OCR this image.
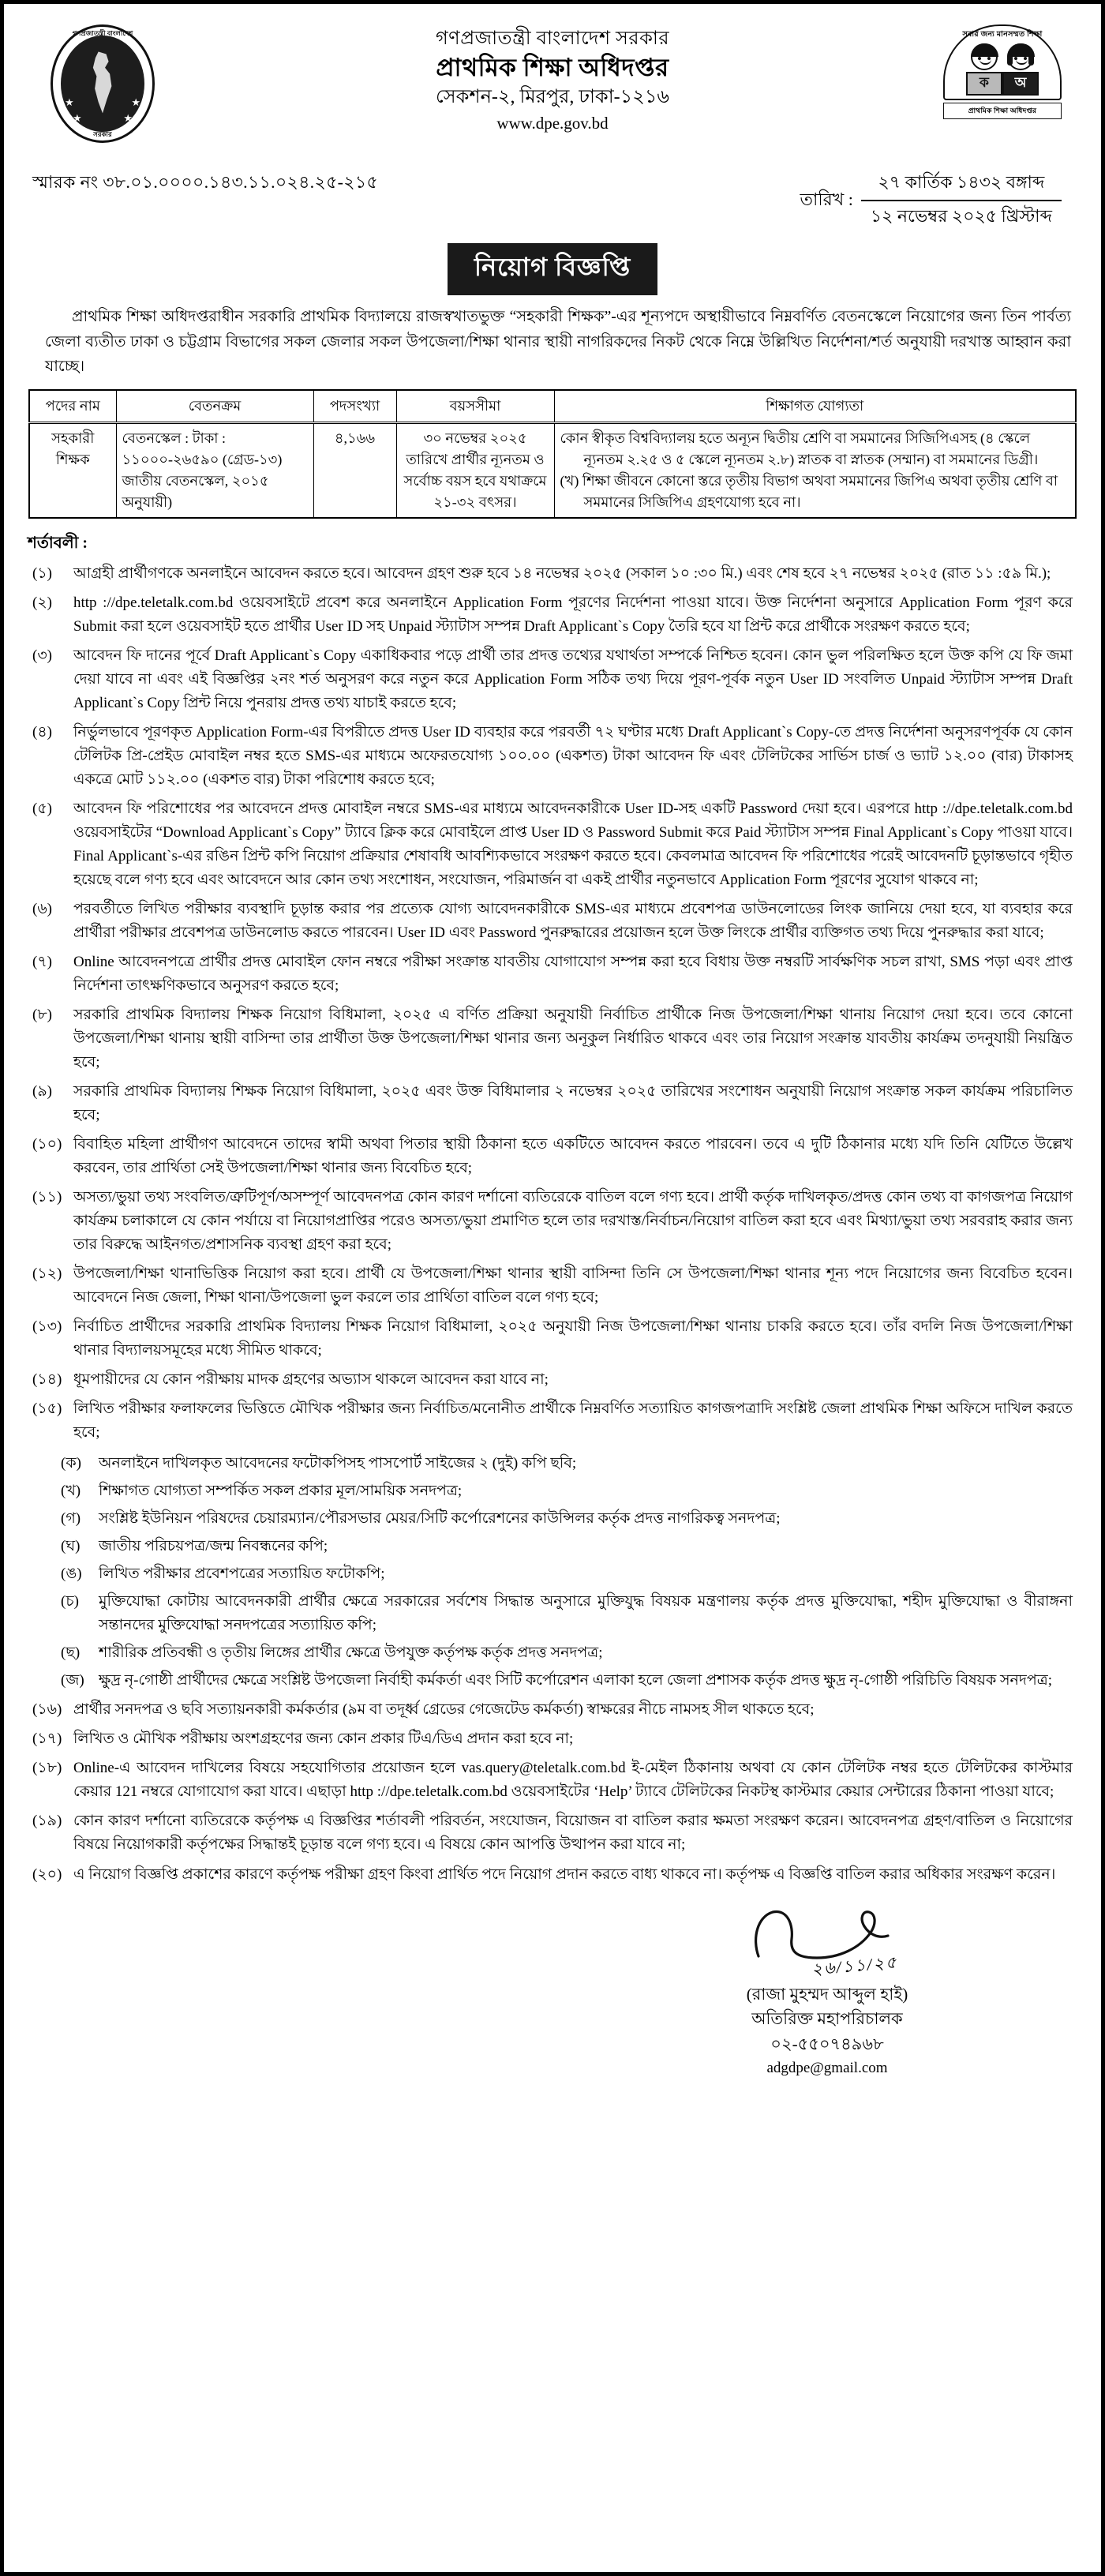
★	★
★	★
গণপ্রজাতন্ত্রী বাংলাদেশ
সরকার
গণপ্রজাতন্ত্রী বাংলাদেশ সরকার
প্রাথমিক শিক্ষা অধিদপ্তর
সেকশন-২, মিরপুর, ঢাকা-১২১৬
www.dpe.gov.bd
সবার জন্য মানসম্মত শিক্ষা
ক	অ
প্রাথমিক শিক্ষা অধিদপ্তর
স্মারক নং ৩৮.০১.০০০০.১৪৩.১১.০২৪.২৫-২১৫
তারিখ :
২৭ কার্তিক ১৪৩২ বঙ্গাব্দ
১২ নভেম্বর ২০২৫ খ্রিস্টাব্দ
নিয়োগ বিজ্ঞপ্তি
প্রাথমিক শিক্ষা অধিদপ্তরাধীন সরকারি প্রাথমিক বিদ্যালয়ে রাজস্বখাতভুক্ত “সহকারী শিক্ষক”-এর শূন্যপদে অস্থায়ীভাবে নিম্নবর্ণিত বেতনস্কেলে নিয়োগের জন্য তিন পার্বত্য জেলা ব্যতীত ঢাকা ও চট্টগ্রাম বিভাগের সকল জেলার সকল উপজেলা/শিক্ষা থানার স্থায়ী নাগরিকদের নিকট থেকে নিম্নে উল্লিখিত নির্দেশনা/শর্ত অনুযায়ী দরখাস্ত আহ্বান করা যাচ্ছে।
পদের নাম	বেতনক্রম	পদসংখ্যা	বয়সসীমা	শিক্ষাগত যোগ্যতা
সহকারী শিক্ষক	বেতনস্কেল : টাকা : ১১০০০-২৬৫৯০ (গ্রেড-১৩) জাতীয় বেতনস্কেল, ২০১৫ অনুযায়ী)	৪,১৬৬	৩০ নভেম্বর ২০২৫ তারিখে প্রার্থীর ন্যূনতম ও সর্বোচ্চ বয়স হবে যথাক্রমে ২১-৩২ বৎসর।	কোন স্বীকৃত বিশ্ববিদ্যালয় হতে অন্যূন দ্বিতীয় শ্রেণি বা সমমানের সিজিপিএসহ (৪ স্কেলে ন্যূনতম ২.২৫ ও ৫ স্কেলে ন্যূনতম ২.৮) স্নাতক বা স্নাতক (সম্মান) বা সমমানের ডিগ্রী।
(খ) শিক্ষা জীবনে কোনো স্তরে তৃতীয় বিভাগ অথবা সমমানের জিপিএ অথবা তৃতীয় শ্রেণি বা সমমানের সিজিপিএ গ্রহণযোগ্য হবে না।
শর্তাবলী :
(১)	আগ্রহী প্রার্থীগণকে অনলাইনে আবেদন করতে হবে। আবেদন গ্রহণ শুরু হবে ১৪ নভেম্বর ২০২৫ (সকাল ১০ :৩০ মি.) এবং শেষ হবে ২৭ নভেম্বর ২০২৫ (রাত ১১ :৫৯ মি.);
(২)	http ://dpe.teletalk.com.bd ওয়েবসাইটে প্রবেশ করে অনলাইনে Application Form পূরণের নির্দেশনা পাওয়া যাবে। উক্ত নির্দেশনা অনুসারে Application Form পূরণ করে Submit করা হলে ওয়েবসাইট হতে প্রার্থীর User ID সহ Unpaid স্ট্যাটাস সম্পন্ন Draft Applicant`s Copy তৈরি হবে যা প্রিন্ট করে প্রার্থীকে সংরক্ষণ করতে হবে;
(৩)	আবেদন ফি দানের পূর্বে Draft Applicant`s Copy একাধিকবার পড়ে প্রার্থী তার প্রদত্ত তথ্যের যথার্থতা সম্পর্কে নিশ্চিত হবেন। কোন ভুল পরিলক্ষিত হলে উক্ত কপি যে ফি জমা দেয়া যাবে না এবং এই বিজ্ঞপ্তির ২নং শর্ত অনুসরণ করে নতুন করে Application Form সঠিক তথ্য দিয়ে পূরণ-পূর্বক নতুন User ID সংবলিত Unpaid স্ট্যাটাস সম্পন্ন Draft Applicant`s Copy প্রিন্ট নিয়ে পুনরায় প্রদত্ত তথ্য যাচাই করতে হবে;
(৪)	নির্ভুলভাবে পূরণকৃত Application Form-এর বিপরীতে প্রদত্ত User ID ব্যবহার করে পরবর্তী ৭২ ঘণ্টার মধ্যে Draft Applicant`s Copy-তে প্রদত্ত নির্দেশনা অনুসরণপূর্বক যে কোন টেলিটক প্রি-প্রেইড মোবাইল নম্বর হতে SMS-এর মাধ্যমে অফেরতযোগ্য ১০০.০০ (একশত) টাকা আবেদন ফি এবং টেলিটকের সার্ভিস চার্জ ও ভ্যাট ১২.০০ (বার) টাকাসহ একত্রে মোট ১১২.০০ (একশত বার) টাকা পরিশোধ করতে হবে;
(৫)	আবেদন ফি পরিশোধের পর আবেদনে প্রদত্ত মোবাইল নম্বরে SMS-এর মাধ্যমে আবেদনকারীকে User ID-সহ একটি Password দেয়া হবে। এরপরে http ://dpe.teletalk.com.bd ওয়েবসাইটের “Download Applicant`s Copy” ট্যাবে ক্লিক করে মোবাইলে প্রাপ্ত User ID ও Password Submit করে Paid স্ট্যাটাস সম্পন্ন Final Applicant`s Copy পাওয়া যাবে। Final Applicant`s-এর রঙিন প্রিন্ট কপি নিয়োগ প্রক্রিয়ার শেষাবধি আবশ্যিকভাবে সংরক্ষণ করতে হবে। কেবলমাত্র আবেদন ফি পরিশোধের পরেই আবেদনটি চূড়ান্তভাবে গৃহীত হয়েছে বলে গণ্য হবে এবং আবেদনে আর কোন তথ্য সংশোধন, সংযোজন, পরিমার্জন বা একই প্রার্থীর নতুনভাবে Application Form পূরণের সুযোগ থাকবে না;
(৬)	পরবর্তীতে লিখিত পরীক্ষার ব্যবস্থাদি চূড়ান্ত করার পর প্রত্যেক যোগ্য আবেদনকারীকে SMS-এর মাধ্যমে প্রবেশপত্র ডাউনলোডের লিংক জানিয়ে দেয়া হবে, যা ব্যবহার করে প্রার্থীরা পরীক্ষার প্রবেশপত্র ডাউনলোড করতে পারবেন। User ID এবং Password পুনরুদ্ধারের প্রয়োজন হলে উক্ত লিংকে প্রার্থীর ব্যক্তিগত তথ্য দিয়ে পুনরুদ্ধার করা যাবে;
(৭)	Online আবেদনপত্রে প্রার্থীর প্রদত্ত মোবাইল ফোন নম্বরে পরীক্ষা সংক্রান্ত যাবতীয় যোগাযোগ সম্পন্ন করা হবে বিধায় উক্ত নম্বরটি সার্বক্ষণিক সচল রাখা, SMS পড়া এবং প্রাপ্ত নির্দেশনা তাৎক্ষণিকভাবে অনুসরণ করতে হবে;
(৮)	সরকারি প্রাথমিক বিদ্যালয় শিক্ষক নিয়োগ বিধিমালা, ২০২৫ এ বর্ণিত প্রক্রিয়া অনুযায়ী নির্বাচিত প্রার্থীকে নিজ উপজেলা/শিক্ষা থানায় নিয়োগ দেয়া হবে। তবে কোনো উপজেলা/শিক্ষা থানায় স্থায়ী বাসিন্দা তার প্রার্থীতা উক্ত উপজেলা/শিক্ষা থানার জন্য অনূকুল নির্ধারিত থাকবে এবং তার নিয়োগ সংক্রান্ত যাবতীয় কার্যক্রম তদনুযায়ী নিয়ন্ত্রিত হবে;
(৯)	সরকারি প্রাথমিক বিদ্যালয় শিক্ষক নিয়োগ বিধিমালা, ২০২৫ এবং উক্ত বিধিমালার ২ নভেম্বর ২০২৫ তারিখের সংশোধন অনুযায়ী নিয়োগ সংক্রান্ত সকল কার্যক্রম পরিচালিত হবে;
(১০) বিবাহিত মহিলা প্রার্থীগণ আবেদনে তাদের স্বামী অথবা পিতার স্থায়ী ঠিকানা হতে একটিতে আবেদন করতে পারবেন। তবে এ দুটি ঠিকানার মধ্যে যদি তিনি যেটিতে উল্লেখ করবেন, তার প্রার্থিতা সেই উপজেলা/শিক্ষা থানার জন্য বিবেচিত হবে;
(১১) অসত্য/ভুয়া তথ্য সংবলিত/ত্রুটিপূর্ণ/অসম্পূর্ণ আবেদনপত্র কোন কারণ দর্শানো ব্যতিরেকে বাতিল বলে গণ্য হবে। প্রার্থী কর্তৃক দাখিলকৃত/প্রদত্ত কোন তথ্য বা কাগজপত্র নিয়োগ কার্যক্রম চলাকালে যে কোন পর্যায়ে বা নিয়োগপ্রাপ্তির পরেও অসত্য/ভুয়া প্রমাণিত হলে তার দরখাস্ত/নির্বাচন/নিয়োগ বাতিল করা হবে এবং মিথ্যা/ভুয়া তথ্য সরবরাহ করার জন্য তার বিরুদ্ধে আইনগত/প্রশাসনিক ব্যবস্থা গ্রহণ করা হবে;
(১২) উপজেলা/শিক্ষা থানাভিত্তিক নিয়োগ করা হবে। প্রার্থী যে উপজেলা/শিক্ষা থানার স্থায়ী বাসিন্দা তিনি সে উপজেলা/শিক্ষা থানার শূন্য পদে নিয়োগের জন্য বিবেচিত হবেন। আবেদনে নিজ জেলা, শিক্ষা থানা/উপজেলা ভুল করলে তার প্রার্থিতা বাতিল বলে গণ্য হবে;
(১৩) নির্বাচিত প্রার্থীদের সরকারি প্রাথমিক বিদ্যালয় শিক্ষক নিয়োগ বিধিমালা, ২০২৫ অনুযায়ী নিজ উপজেলা/শিক্ষা থানায় চাকরি করতে হবে। তাঁর বদলি নিজ উপজেলা/শিক্ষা থানার বিদ্যালয়সমূহের মধ্যে সীমিত থাকবে;
(১৪) ধূমপায়ীদের যে কোন পরীক্ষায় মাদক গ্রহণের অভ্যাস থাকলে আবেদন করা যাবে না;
(১৫) লিখিত পরীক্ষার ফলাফলের ভিত্তিতে মৌখিক পরীক্ষার জন্য নির্বাচিত/মনোনীত প্রার্থীকে নিম্নবর্ণিত সত্যায়িত কাগজপত্রাদি সংশ্লিষ্ট জেলা প্রাথমিক শিক্ষা অফিসে দাখিল করতে হবে;
(ক)	অনলাইনে দাখিলকৃত আবেদনের ফটোকপিসহ পাসপোর্ট সাইজের ২ (দুই) কপি ছবি;
(খ)	শিক্ষাগত যোগ্যতা সম্পর্কিত সকল প্রকার মূল/সাময়িক সনদপত্র;
(গ)	সংশ্লিষ্ট ইউনিয়ন পরিষদের চেয়ারম্যান/পৌরসভার মেয়র/সিটি কর্পোরেশনের কাউন্সিলর কর্তৃক প্রদত্ত নাগরিকত্ব সনদপত্র;
(ঘ)	জাতীয় পরিচয়পত্র/জন্ম নিবন্ধনের কপি;
(ঙ)	লিখিত পরীক্ষার প্রবেশপত্রের সত্যায়িত ফটোকপি;
(চ)	মুক্তিযোদ্ধা কোটায় আবেদনকারী প্রার্থীর ক্ষেত্রে সরকারের সর্বশেষ সিদ্ধান্ত অনুসারে মুক্তিযুদ্ধ বিষয়ক মন্ত্রণালয় কর্তৃক প্রদত্ত মুক্তিযোদ্ধা, শহীদ মুক্তিযোদ্ধা ও বীরাঙ্গনা সন্তানদের মুক্তিযোদ্ধা সনদপত্রের সত্যায়িত কপি;
(ছ)	শারীরিক প্রতিবন্ধী ও তৃতীয় লিঙ্গের প্রার্থীর ক্ষেত্রে উপযুক্ত কর্তৃপক্ষ কর্তৃক প্রদত্ত সনদপত্র;
(জ) ক্ষুদ্র নৃ-গোষ্ঠী প্রার্থীদের ক্ষেত্রে সংশ্লিষ্ট উপজেলা নির্বাহী কর্মকর্তা এবং সিটি কর্পোরেশন এলাকা হলে জেলা প্রশাসক কর্তৃক প্রদত্ত ক্ষুদ্র নৃ-গোষ্ঠী পরিচিতি বিষয়ক সনদপত্র;
(১৬) প্রার্থীর সনদপত্র ও ছবি সত্যায়নকারী কর্মকর্তার (৯ম বা তদূর্ধ্ব গ্রেডের গেজেটেড কর্মকর্তা) স্বাক্ষরের নীচে নামসহ সীল থাকতে হবে;
(১৭) লিখিত ও মৌখিক পরীক্ষায় অংশগ্রহণের জন্য কোন প্রকার টিএ/ডিএ প্রদান করা হবে না;
(১৮) Online-এ আবেদন দাখিলের বিষয়ে সহযোগিতার প্রয়োজন হলে vas.query@teletalk.com.bd ই-মেইল ঠিকানায় অথবা যে কোন টেলিটক নম্বর হতে টেলিটকের কাস্টমার কেয়ার 121 নম্বরে যোগাযোগ করা যাবে। এছাড়া http ://dpe.teletalk.com.bd ওয়েবসাইটের ‘Help’ ট্যাবে টেলিটকের নিকটস্থ কাস্টমার কেয়ার সেন্টারের ঠিকানা পাওয়া যাবে;
(১৯) কোন কারণ দর্শানো ব্যতিরেকে কর্তৃপক্ষ এ বিজ্ঞপ্তির শর্তাবলী পরিবর্তন, সংযোজন, বিয়োজন বা বাতিল করার ক্ষমতা সংরক্ষণ করেন। আবেদনপত্র গ্রহণ/বাতিল ও নিয়োগের বিষয়ে নিয়োগকারী কর্তৃপক্ষের সিদ্ধান্তই চূড়ান্ত বলে গণ্য হবে। এ বিষয়ে কোন আপত্তি উত্থাপন করা যাবে না;
(২০) এ নিয়োগ বিজ্ঞপ্তি প্রকাশের কারণে কর্তৃপক্ষ পরীক্ষা গ্রহণ কিংবা প্রার্থিত পদে নিয়োগ প্রদান করতে বাধ্য থাকবে না। কর্তৃপক্ষ এ বিজ্ঞপ্তি বাতিল করার অধিকার সংরক্ষণ করেন।
২৬/১১/২৫
(রাজা মুহম্মদ আব্দুল হাই)
অতিরিক্ত মহাপরিচালক
০২-৫৫০৭৪৯৬৮
adgdpe@gmail.com
